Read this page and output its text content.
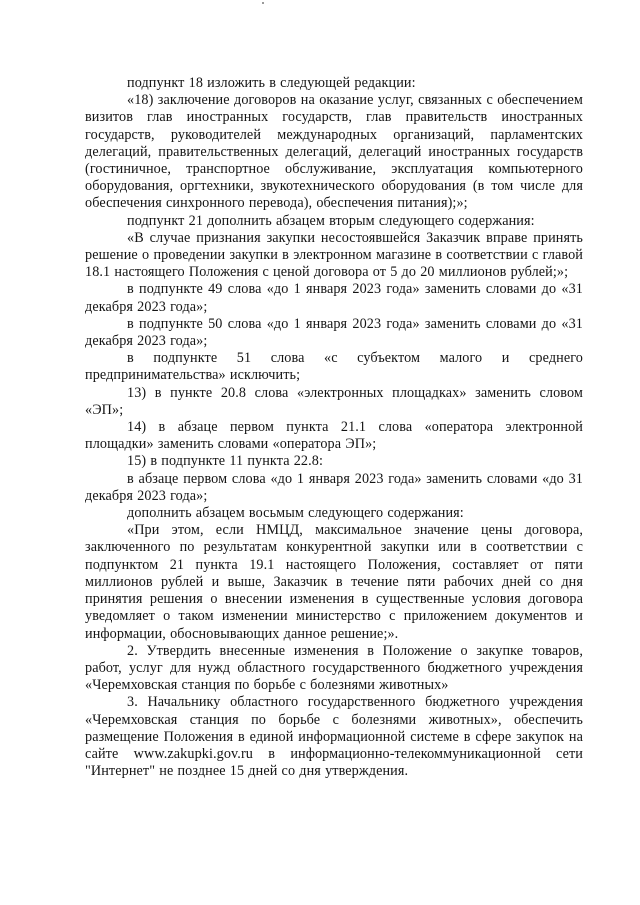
подпункт 18 изложить в следующей редакции:

«18) заключение договоров на оказание услуг, связанных с обеспечением визитов глав иностранных государств, глав правительств иностранных государств, руководителей международных организаций, парламентских делегаций, правительственных делегаций, делегаций иностранных государств (гостиничное, транспортное обслуживание, эксплуатация компьютерного оборудования, оргтехники, звукотехнического оборудования (в том числе для обеспечения синхронного перевода), обеспечения питания);»;

подпункт 21 дополнить абзацем вторым следующего содержания:

«В случае признания закупки несостоявшейся Заказчик вправе принять решение о проведении закупки в электронном магазине в соответствии с главой 18.1 настоящего Положения с ценой договора от 5 до 20 миллионов рублей;»;

в подпункте 49 слова «до 1 января 2023 года» заменить словами до «31 декабря 2023 года»;

в подпункте 50 слова «до 1 января 2023 года» заменить словами до «31 декабря 2023 года»;

в подпункте 51 слова «с субъектом малого и среднего предпринимательства» исключить;

13) в пункте 20.8 слова «электронных площадках» заменить словом «ЭП»;

14) в абзаце первом пункта 21.1 слова «оператора электронной площадки» заменить словами «оператора ЭП»;

15) в подпункте 11 пункта 22.8:

в абзаце первом слова «до 1 января 2023 года» заменить словами «до 31 декабря 2023 года»;

дополнить абзацем восьмым следующего содержания:

«При этом, если НМЦД, максимальное значение цены договора, заключенного по результатам конкурентной закупки или в соответствии с подпунктом 21 пункта 19.1 настоящего Положения, составляет от пяти миллионов рублей и выше, Заказчик в течение пяти рабочих дней со дня принятия решения о внесении изменения в существенные условия договора уведомляет о таком изменении министерство с приложением документов и информации, обосновывающих данное решение;».

2. Утвердить внесенные изменения в Положение о закупке товаров, работ, услуг для нужд областного государственного бюджетного учреждения «Черемховская станция по борьбе с болезнями животных»

3. Начальнику областного государственного бюджетного учреждения «Черемховская станция по борьбе с болезнями животных», обеспечить размещение Положения в единой информационной системе в сфере закупок на сайте www.zakupki.gov.ru в информационно-телекоммуникационной сети "Интернет" не позднее 15 дней со дня утверждения.
